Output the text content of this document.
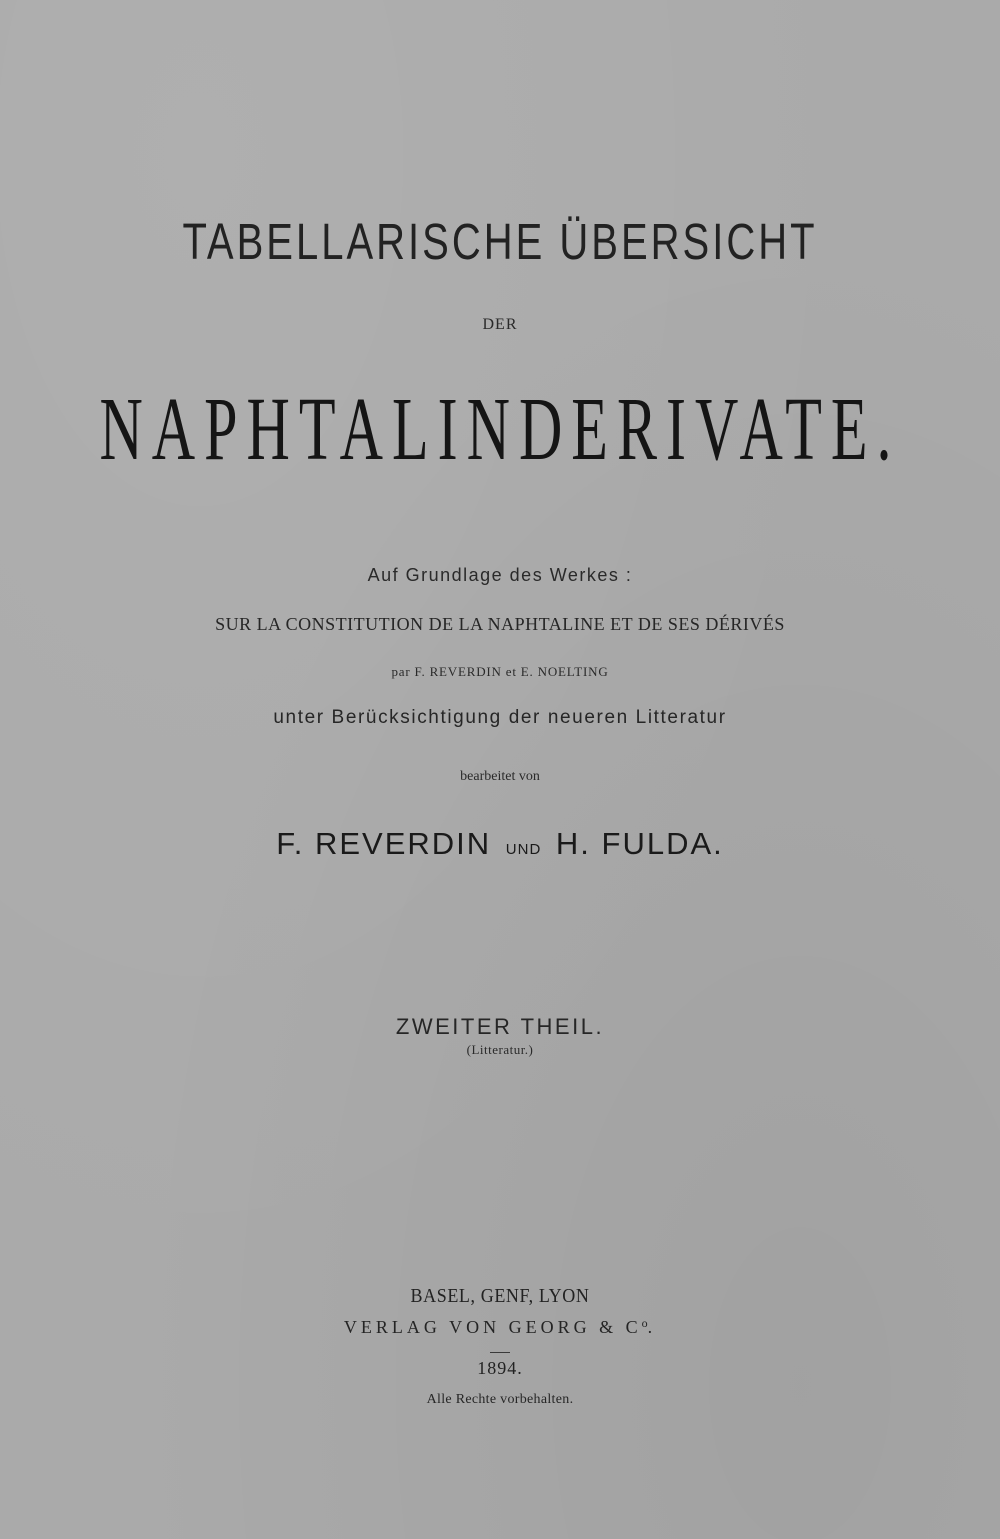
TABELLARISCHE ÜBERSICHT
DER
NAPHTALINDERIVATE.
Auf Grundlage des Werkes :
SUR LA CONSTITUTION DE LA NAPHTALINE ET DE SES DÉRIVÉS
par F. REVERDIN et E. NOELTING
unter Berücksichtigung der neueren Litteratur
bearbeitet von
F. REVERDIN UND H. FULDA.
ZWEITER THEIL.
(Litteratur.)
BASEL, GENF, LYON
VERLAG VON GEORG & $C^o$.
1894.
Alle Rechte vorbehalten.
